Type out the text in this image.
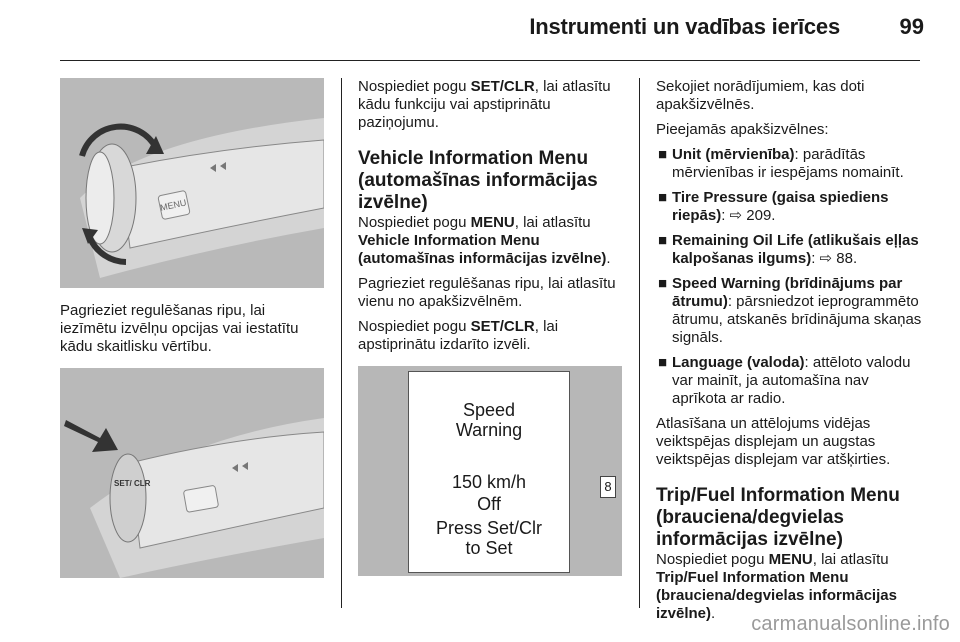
Instrumenti un vadības ierīces	99
MENU

Pagrieziet regulēšanas ripu, lai iezīmētu izvēlņu opcijas vai iestatītu kādu skaitlisku vērtību.

SET/ CLR

Nospiediet pogu SET/CLR, lai atlasītu kādu funkciju vai apstiprinātu paziņojumu.

Vehicle Information Menu (automašīnas informācijas izvēlne)

Nospiediet pogu MENU, lai atlasītu Vehicle Information Menu (automašīnas informācijas izvēlne).

Pagrieziet regulēšanas ripu, lai atlasītu vienu no apakšizvēlnēm.

Nospiediet pogu SET/CLR, lai apstiprinātu izdarīto izvēli.

Speed
Warning
150 km/h
Off
Press Set/Clr
to Set
8

Sekojiet norādījumiem, kas doti apakšizvēlnēs.

Pieejamās apakšizvēlnes:

■ Unit (mērvienība): parādītās mērvienības ir iespējams nomainīt.
■ Tire Pressure (gaisa spiediens riepās): ⇨ 209.
■ Remaining Oil Life (atlikušais eļļas kalpošanas ilgums): ⇨ 88.
■ Speed Warning (brīdinājums par ātrumu): pārsniedzot ieprogrammēto ātrumu, atskanēs brīdinājuma skaņas signāls.
■ Language (valoda): attēloto valodu var mainīt, ja automašīna nav aprīkota ar radio.

Atlasīšana un attēlojums vidējas veiktspējas displejam un augstas veiktspējas displejam var atšķirties.

Trip/Fuel Information Menu (brauciena/degvielas informācijas izvēlne)

Nospiediet pogu MENU, lai atlasītu Trip/Fuel Information Menu (brauciena/degvielas informācijas izvēlne).	carmanualsonline.info
